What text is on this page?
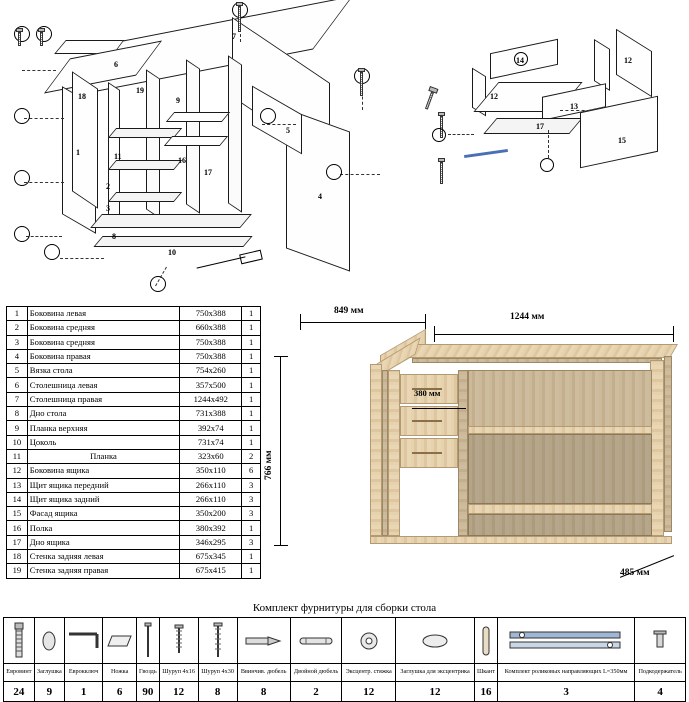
6
7
19
18	9
5
1	11	16
2
3
17
8
10
4
14	12
12
13
17
15
1	Боковина левая	750x388	1
2	Боковина средняя	660x388	1
3	Боковина средняя	750x388	1
4	Боковина правая	750x388	1
5	Вязка стола	754x260	1
6	Столешница левая	357x500	1
7	Столешница правая	1244x492	1
8	Дно стола	731x388	1
9	Планка верхняя	392x74	1
10	Цоколь	731x74	1
11	Планка	323x60	2
12	Боковина ящика	350x110	6
13	Щит ящика передний	266х110	3
14	Щит ящика задний	266х110	3
15	Фасад ящика	350x200	3
16	Полка	380x392	1
17	Дно ящика	346x295	3
18	Стенка задняя левая	675x345	1
19	Стенка задняя правая	675x415	1
849 мм
1244 мм
380 мм
766 мм
485 мм
Комплект фурнитуры для сборки стола

Евровинт	Заглушка	Еврокключ	Ножка	Гвоздь	Шуруп 4х16	Шуруп 4х30	Ввинчив. дюбель	Двойной дюбель	Эксцентр. стяжка	Заглушка для эксцентрика	Шкант	Комплект роликовых направляющих L=350мм	Подкодержатель
24	9	1	6	90	12	8	8	2	12	12	16	3	4
